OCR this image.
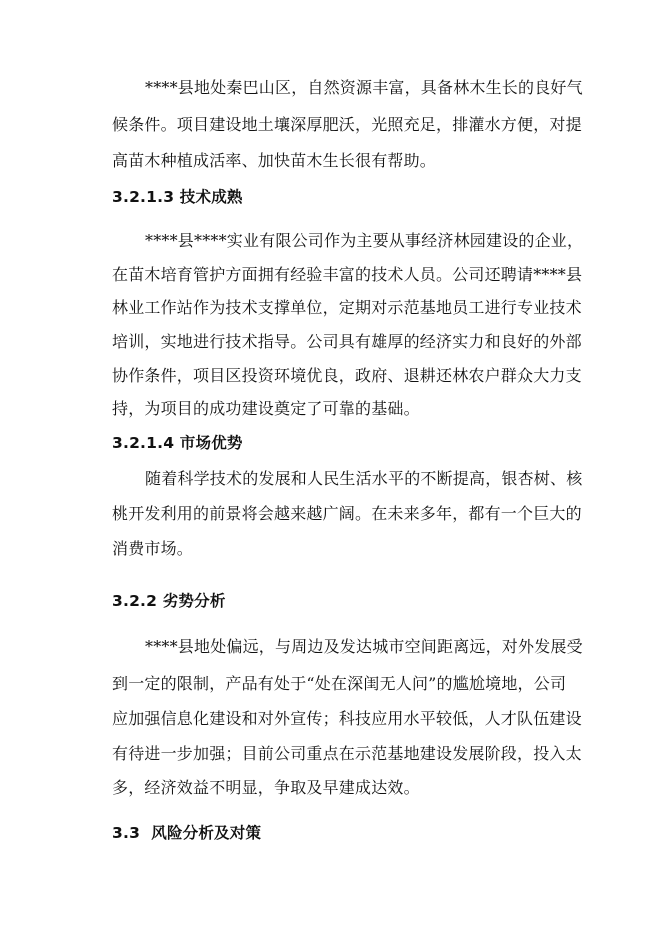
****县地处秦巴山区，自然资源丰富，具备林木生长的良好气
候条件。项目建设地土壤深厚肥沃，光照充足，排灌水方便，对提
高苗木种植成活率、加快苗木生长很有帮助。
3.2.1.3 技术成熟
****县****实业有限公司作为主要从事经济林园建设的企业，
在苗木培育管护方面拥有经验丰富的技术人员。公司还聘请****县
林业工作站作为技术支撑单位，定期对示范基地员工进行专业技术
培训，实地进行技术指导。公司具有雄厚的经济实力和良好的外部
协作条件，项目区投资环境优良，政府、退耕还林农户群众大力支
持，为项目的成功建设奠定了可靠的基础。
3.2.1.4 市场优势
随着科学技术的发展和人民生活水平的不断提高，银杏树、核
桃开发利用的前景将会越来越广阔。在未来多年，都有一个巨大的
消费市场。
3.2.2 劣势分析
****县地处偏远，与周边及发达城市空间距离远，对外发展受
到一定的限制，产品有处于“处在深闺无人问”的尴尬境地，公司
应加强信息化建设和对外宣传；科技应用水平较低，人才队伍建设
有待进一步加强；目前公司重点在示范基地建设发展阶段，投入太
多，经济效益不明显，争取及早建成达效。
3.3  风险分析及对策
